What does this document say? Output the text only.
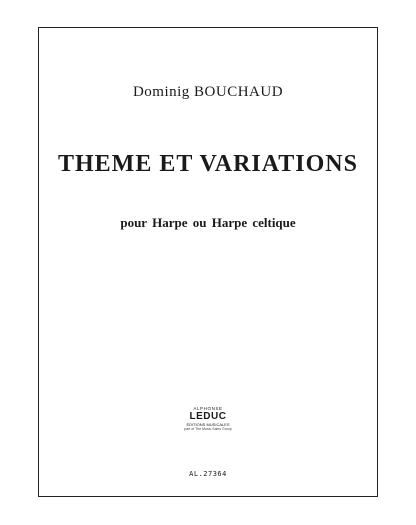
Dominig BOUCHAUD
THEME ET VARIATIONS
pour Harpe ou Harpe celtique
ALPHONSE
LEDUC
ÉDITIONS MUSICALES
part of The Music Sales Group
AL.27364
